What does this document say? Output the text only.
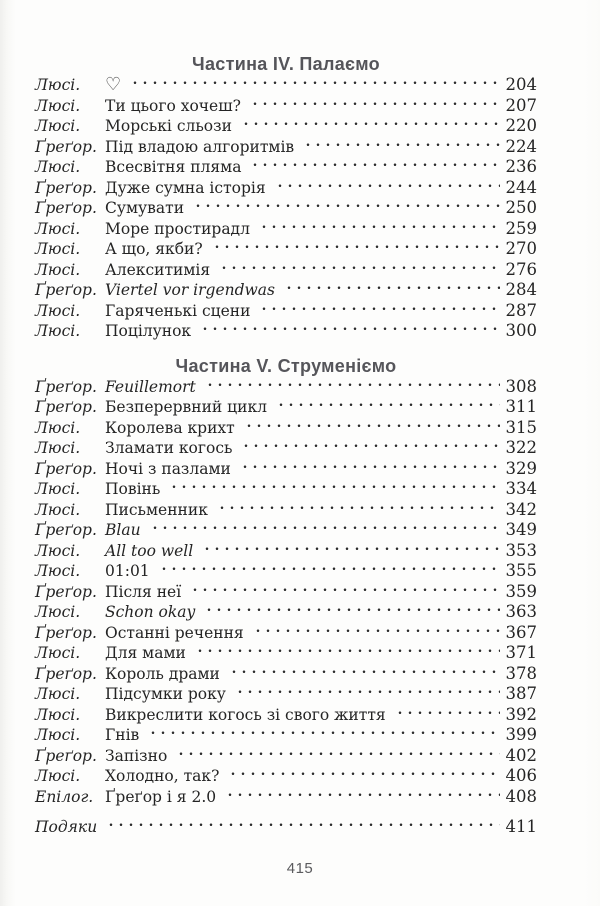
Частина IV. Палаємо
Люсі.	♡	204
Люсі.	Ти цього хочеш?	207
Люсі.	Морські сльози	220
Ґреґор. Під владою алгоритмів	224
Люсі.	Всесвітня пляма	236
Ґреґор. Дуже сумна історія	244
Ґреґор. Сумувати	250
Люсі.	Море простирадл	259
Люсі.	А що, якби?	270
Люсі.	Алекситимія	276
Ґреґор. Viertel vor irgendwas	284
Люсі.	Гаряченькі сцени	287
Люсі.	Поцілунок	300
Частина V. Струменіємо
Ґреґор. Feuillemort	308
Ґреґор. Безперервний цикл	311
Люсі.	Королева крихт	315
Люсі.	Зламати когось	322
Ґреґор. Ночі з пазлами	329
Люсі.	Повінь	334
Люсі.	Письменник	342
Ґреґор. Blau	349
Люсі.	All too well	353
Люсі.	01:01	355
Ґреґор. Після неї	359
Люсі.	Schon okay	363
Ґреґор. Останні речення	367
Люсі.	Для мами	371
Ґреґор. Король драми	378
Люсі.	Підсумки року	387
Люсі.	Викреслити когось зі свого життя	392
Люсі.	Гнів	399
Ґреґор. Запізно	402
Люсі.	Холодно, так?	406
Епілог. Ґреґор і я 2.0	408
Подяки	411
415
